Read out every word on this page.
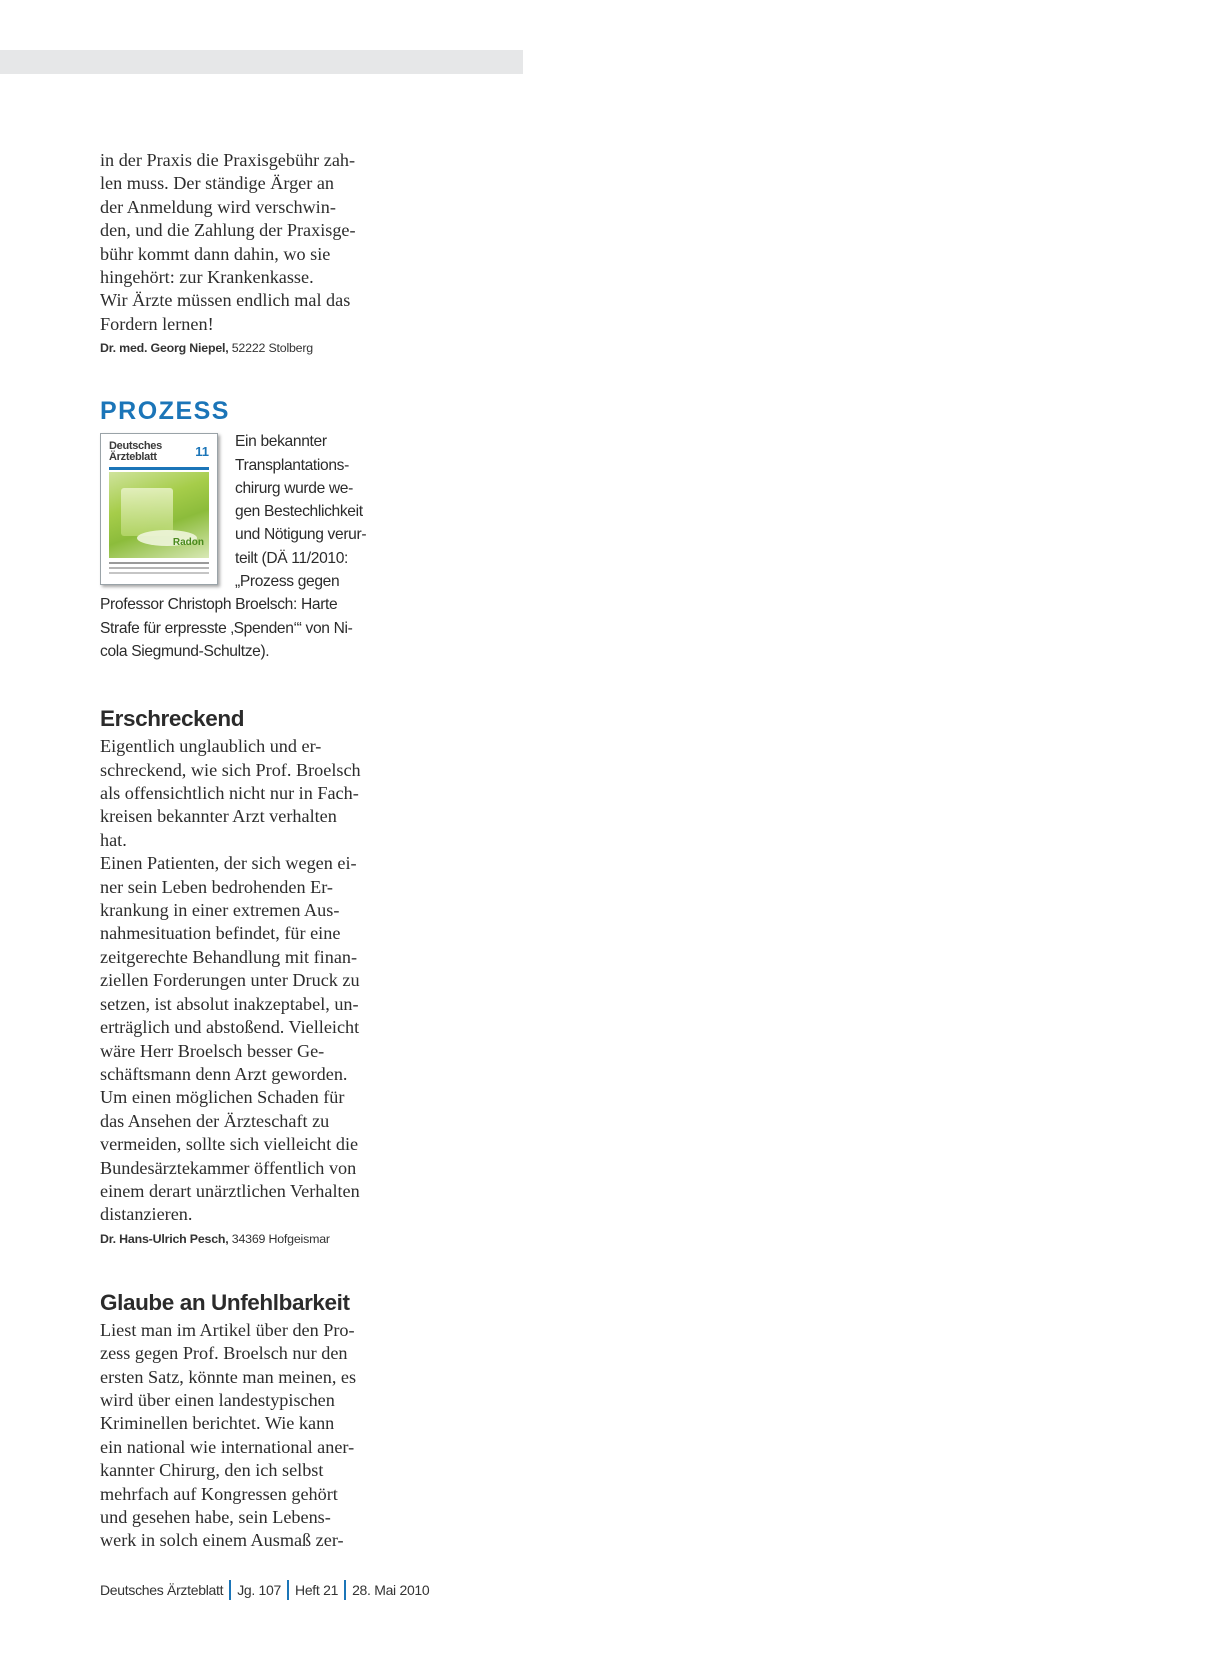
in der Praxis die Praxisgebühr zah-
len muss. Der ständige Ärger an
der Anmeldung wird verschwin-
den, und die Zahlung der Praxisge-
bühr kommt dann dahin, wo sie
hingehört: zur Krankenkasse.
Wir Ärzte müssen endlich mal das
Fordern lernen!

Dr. med. Georg Niepel, 52222 Stolberg

PROZESS
Deutsches
Ärzteblatt	11
Radon

Ein bekannter
Transplantations-
chirurg wurde we-
gen Bestechlichkeit
und Nötigung verur-
teilt (DÄ 11/2010:
„Prozess gegen
Professor Christoph Broelsch: Harte
Strafe für erpresste ‚Spenden‘“ von Ni-
cola Siegmund-Schultze).

Erschreckend

Eigentlich unglaublich und er-
schreckend, wie sich Prof. Broelsch
als offensichtlich nicht nur in Fach-
kreisen bekannter Arzt verhalten
hat.
Einen Patienten, der sich wegen ei-
ner sein Leben bedrohenden Er-
krankung in einer extremen Aus-
nahmesituation befindet, für eine
zeitgerechte Behandlung mit finan-
ziellen Forderungen unter Druck zu
setzen, ist absolut inakzeptabel, un-
erträglich und abstoßend. Vielleicht
wäre Herr Broelsch besser Ge-
schäftsmann denn Arzt geworden.
Um einen möglichen Schaden für
das Ansehen der Ärzteschaft zu
vermeiden, sollte sich vielleicht die
Bundesärztekammer öffentlich von
einem derart unärztlichen Verhalten
distanzieren.

Dr. Hans-Ulrich Pesch, 34369 Hofgeismar

Glaube an Unfehlbarkeit

Liest man im Artikel über den Pro-
zess gegen Prof. Broelsch nur den
ersten Satz, könnte man meinen, es
wird über einen landestypischen
Kriminellen berichtet. Wie kann
ein national wie international aner-
kannter Chirurg, den ich selbst
mehrfach auf Kongressen gehört
und gesehen habe, sein Lebens-
werk in solch einem Ausmaß zer-

Deutsches Ärzteblatt Jg. 107 Heft 21 28. Mai 2010
